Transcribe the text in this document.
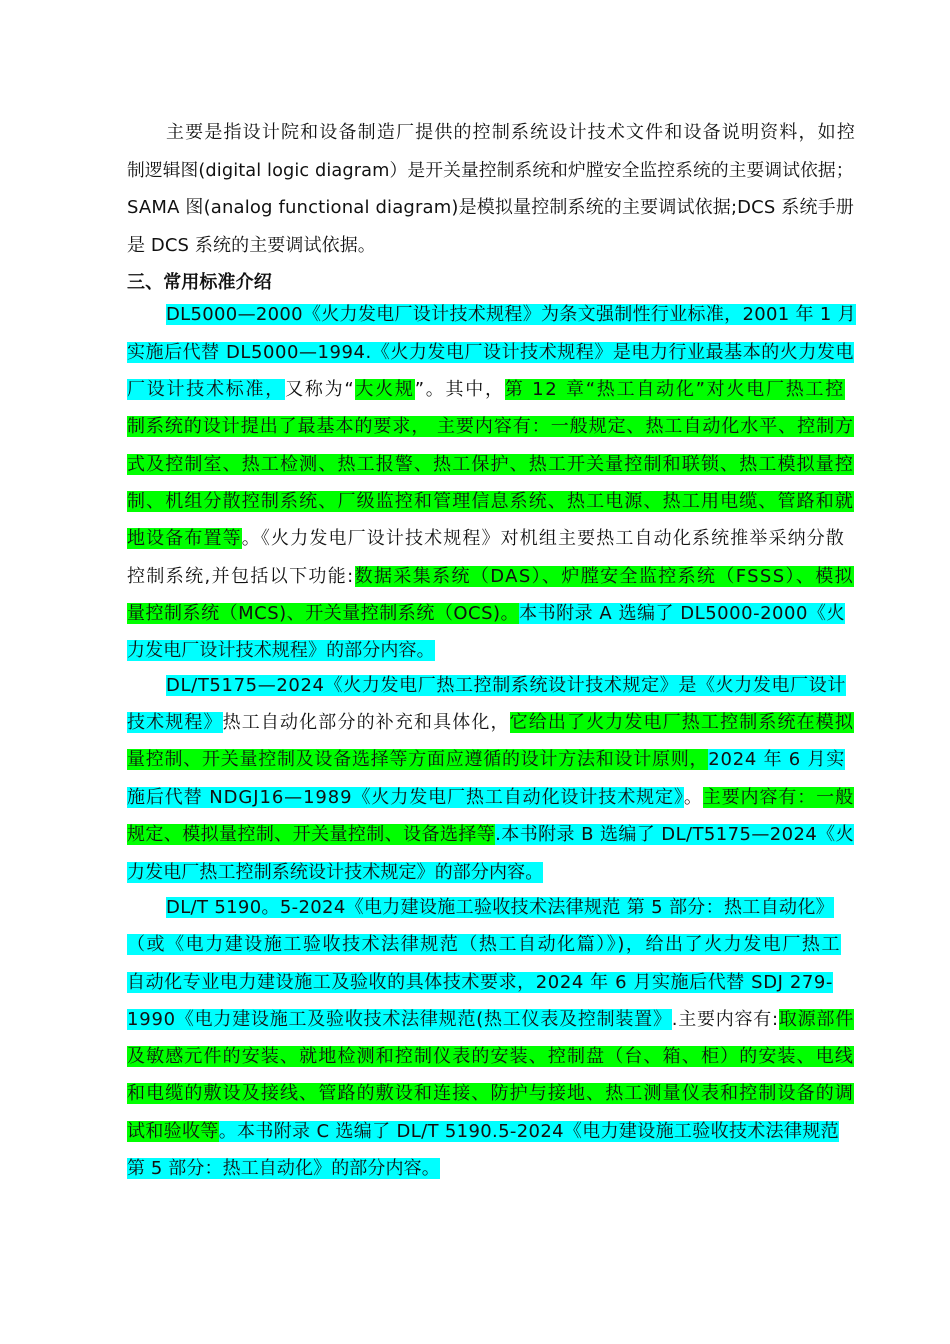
主要是指设计院和设备制造厂提供的控制系统设计技术文件和设备说明资料，如控
制逻辑图(digital logic diagram）是开关量控制系统和炉膛安全监控系统的主要调试依据；
SAMA 图(analog functional diagram)是模拟量控制系统的主要调试依据;DCS 系统手册
是 DCS 系统的主要调试依据。
三、常用标准介绍
DL5000—2000《火力发电厂设计技术规程》为条文强制性行业标准，2001 年 1 月
实施后代替 DL5000—1994.《火力发电厂设计技术规程》是电力行业最基本的火力发电
厂设计技术标准，又称为“大火规”。其中，第 12 章“热工自动化”对火电厂热工控
制系统的设计提出了最基本的要求， 主要内容有：一般规定、热工自动化水平、控制方
式及控制室、热工检测、热工报警、热工保护、热工开关量控制和联锁、热工模拟量控
制、机组分散控制系统、厂级监控和管理信息系统、热工电源、热工用电缆、管路和就
地设备布置等。《火力发电厂设计技术规程》对机组主要热工自动化系统推举采纳分散
控制系统,并包括以下功能:数据采集系统（DAS）、炉膛安全监控系统（FSSS）、模拟
量控制系统（MCS)、开关量控制系统（OCS)。本书附录 A 选编了 DL5000-2000《火
力发电厂设计技术规程》的部分内容。
DL/T5175—2024《火力发电厂热工控制系统设计技术规定》是《火力发电厂设计
技术规程》热工自动化部分的补充和具体化，它给出了火力发电厂热工控制系统在模拟
量控制、开关量控制及设备选择等方面应遵循的设计方法和设计原则，2024 年 6 月实
施后代替 NDGJ16—1989《火力发电厂热工自动化设计技术规定》。主要内容有：一般
规定、模拟量控制、开关量控制、设备选择等.本书附录 B 选编了 DL/T5175—2024《火
力发电厂热工控制系统设计技术规定》的部分内容。
DL/T 5190。5-2024《电力建设施工验收技术法律规范 第 5 部分：热工自动化》
（或《电力建设施工验收技术法律规范（热工自动化篇）》)，给出了火力发电厂热工
自动化专业电力建设施工及验收的具体技术要求，2024 年 6 月实施后代替 SDJ 279-
1990《电力建设施工及验收技术法律规范(热工仪表及控制装置》.主要内容有:取源部件
及敏感元件的安装、就地检测和控制仪表的安装、控制盘（台、箱、柜）的安装、电线
和电缆的敷设及接线、管路的敷设和连接、防护与接地、热工测量仪表和控制设备的调
试和验收等。本书附录 C 选编了 DL/T 5190.5-2024《电力建设施工验收技术法律规范
第 5 部分：热工自动化》的部分内容。
